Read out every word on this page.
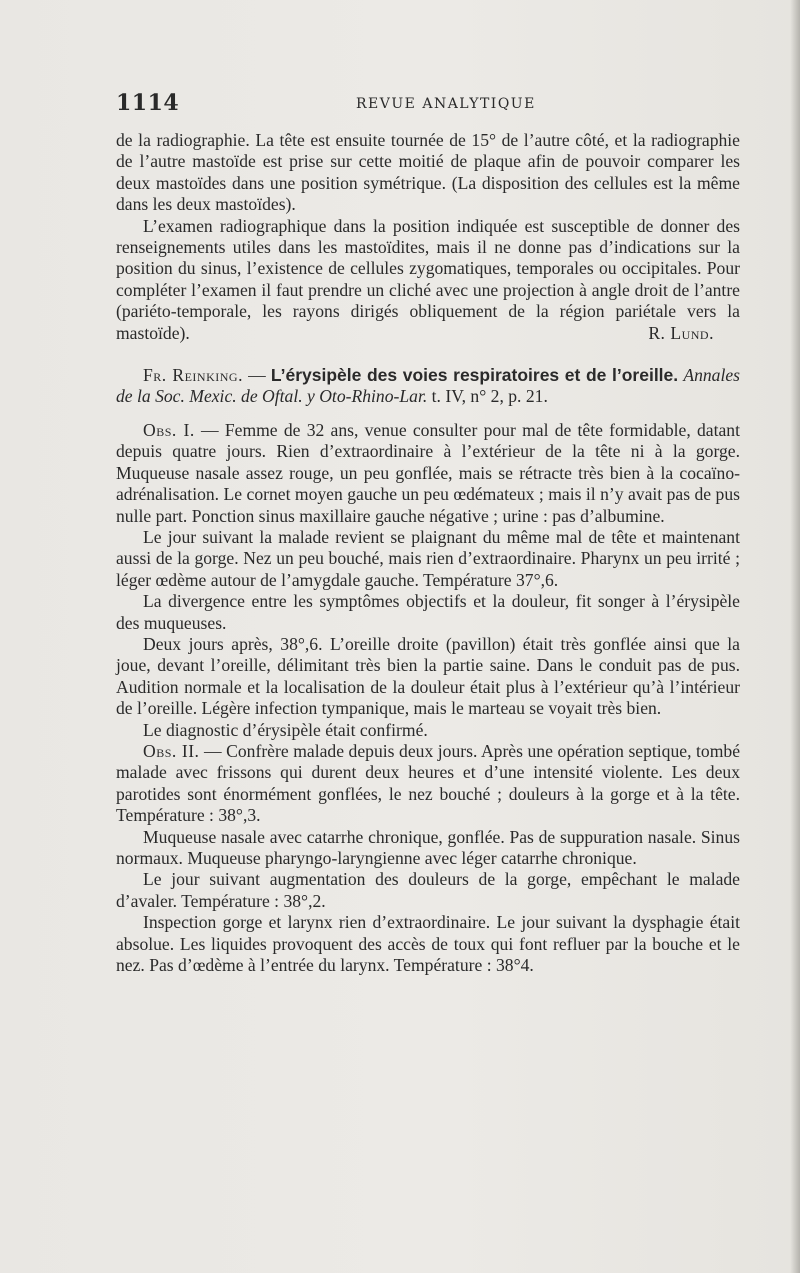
1114	REVUE ANALYTIQUE

de la radiographie. La tête est ensuite tournée de 15° de l’autre côté, et la radiographie de l’autre mastoïde est prise sur cette moitié de plaque afin de pouvoir comparer les deux mastoïdes dans une position symétrique. (La disposition des cellules est la même dans les deux mastoïdes).

L’examen radiographique dans la position indiquée est susceptible de donner des renseignements utiles dans les mastoïdites, mais il ne donne pas d’indications sur la position du sinus, l’existence de cellules zygomatiques, temporales ou occipitales. Pour compléter l’examen il faut prendre un cliché avec une projection à angle droit de l’antre (pariéto-temporale, les rayons dirigés obliquement de la région pariétale vers la mastoïde).	R. Lund.

Fr. Reinking. — L’érysipèle des voies respiratoires et de l’oreille. Annales de la Soc. Mexic. de Oftal. y Oto-Rhino-Lar. t. IV, n° 2, p. 21.

Obs. I. — Femme de 32 ans, venue consulter pour mal de tête formidable, datant depuis quatre jours. Rien d’extraordinaire à l’extérieur de la tête ni à la gorge. Muqueuse nasale assez rouge, un peu gonflée, mais se rétracte très bien à la cocaïno-adrénalisation. Le cornet moyen gauche un peu œdémateux ; mais il n’y avait pas de pus nulle part. Ponction sinus maxillaire gauche négative ; urine : pas d’albumine.

Le jour suivant la malade revient se plaignant du même mal de tête et maintenant aussi de la gorge. Nez un peu bouché, mais rien d’extraordinaire. Pharynx un peu irrité ; léger œdème autour de l’amygdale gauche. Température 37°,6.

La divergence entre les symptômes objectifs et la douleur, fit songer à l’érysipèle des muqueuses.

Deux jours après, 38°,6. L’oreille droite (pavillon) était très gonflée ainsi que la joue, devant l’oreille, délimitant très bien la partie saine. Dans le conduit pas de pus. Audition normale et la localisation de la douleur était plus à l’extérieur qu’à l’intérieur de l’oreille. Légère infection tympanique, mais le marteau se voyait très bien.

Le diagnostic d’érysipèle était confirmé.

Obs. II. — Confrère malade depuis deux jours. Après une opération septique, tombé malade avec frissons qui durent deux heures et d’une intensité violente. Les deux parotides sont énormément gonflées, le nez bouché ; douleurs à la gorge et à la tête. Température : 38°,3.

Muqueuse nasale avec catarrhe chronique, gonflée. Pas de suppuration nasale. Sinus normaux. Muqueuse pharyngo-laryngienne avec léger catarrhe chronique.

Le jour suivant augmentation des douleurs de la gorge, empêchant le malade d’avaler. Température : 38°,2.

Inspection gorge et larynx rien d’extraordinaire. Le jour suivant la dysphagie était absolue. Les liquides provoquent des accès de toux qui font refluer par la bouche et le nez. Pas d’œdème à l’entrée du larynx. Température : 38°4.
